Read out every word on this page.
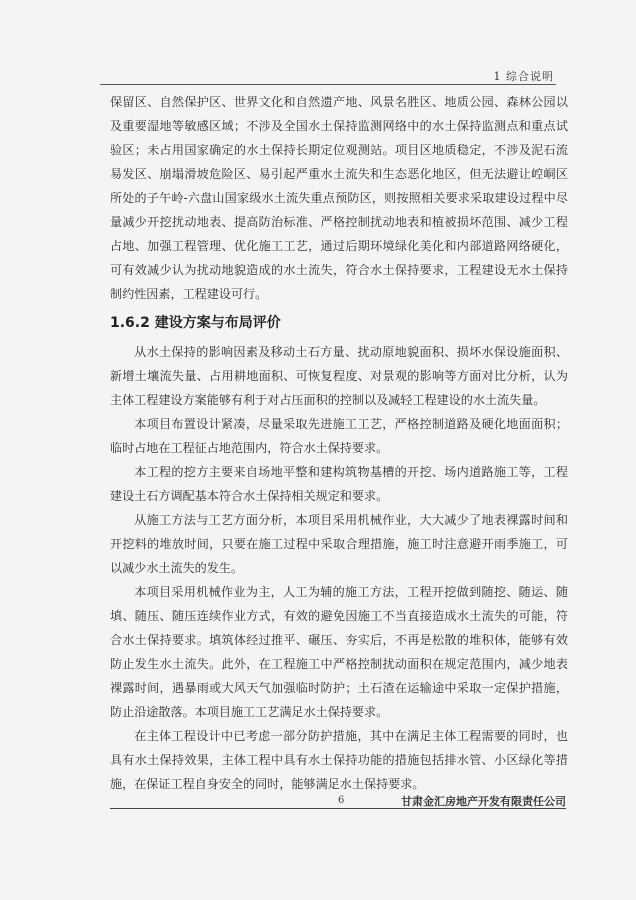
1 综合说明

保留区、自然保护区、世界文化和自然遗产地、风景名胜区、地质公园、森林公园以及重要湿地等敏感区域；不涉及全国水土保持监测网络中的水土保持监测点和重点试验区；未占用国家确定的水土保持长期定位观测站。项目区地质稳定，不涉及泥石流易发区、崩塌滑坡危险区、易引起严重水土流失和生态恶化地区，但无法避让崆峒区所处的子午岭-六盘山国家级水土流失重点预防区，则按照相关要求采取建设过程中尽量减少开挖扰动地表、提高防治标准、严格控制扰动地表和植被损坏范围、减少工程占地、加强工程管理、优化施工工艺，通过后期环境绿化美化和内部道路网络硬化，可有效减少认为扰动地貌造成的水土流失，符合水土保持要求，工程建设无水土保持制约性因素，工程建设可行。

1.6.2 建设方案与布局评价

从水土保持的影响因素及移动土石方量、扰动原地貌面积、损坏水保设施面积、新增土壤流失量、占用耕地面积、可恢复程度、对景观的影响等方面对比分析，认为主体工程建设方案能够有利于对占压面积的控制以及减轻工程建设的水土流失量。

本项目布置设计紧凑，尽量采取先进施工工艺，严格控制道路及硬化地面面积；临时占地在工程征占地范围内，符合水土保持要求。

本工程的挖方主要来自场地平整和建构筑物基槽的开挖、场内道路施工等，工程建设土石方调配基本符合水土保持相关规定和要求。

从施工方法与工艺方面分析，本项目采用机械作业，大大减少了地表裸露时间和开挖料的堆放时间，只要在施工过程中采取合理措施，施工时注意避开雨季施工，可以减少水土流失的发生。

本项目采用机械作业为主，人工为辅的施工方法，工程开挖做到随挖、随运、随填、随压、随压连续作业方式，有效的避免因施工不当直接造成水土流失的可能，符合水土保持要求。填筑体经过推平、碾压、夯实后，不再是松散的堆积体，能够有效防止发生水土流失。此外，在工程施工中严格控制扰动面积在规定范围内，减少地表裸露时间，遇暴雨或大风天气加强临时防护；土石渣在运输途中采取一定保护措施，防止沿途散落。本项目施工工艺满足水土保持要求。

在主体工程设计中已考虑一部分防护措施，其中在满足主体工程需要的同时，也具有水土保持效果，主体工程中具有水土保持功能的措施包括排水管、小区绿化等措施，在保证工程自身安全的同时，能够满足水土保持要求。

6	甘肃金汇房地产开发有限责任公司
